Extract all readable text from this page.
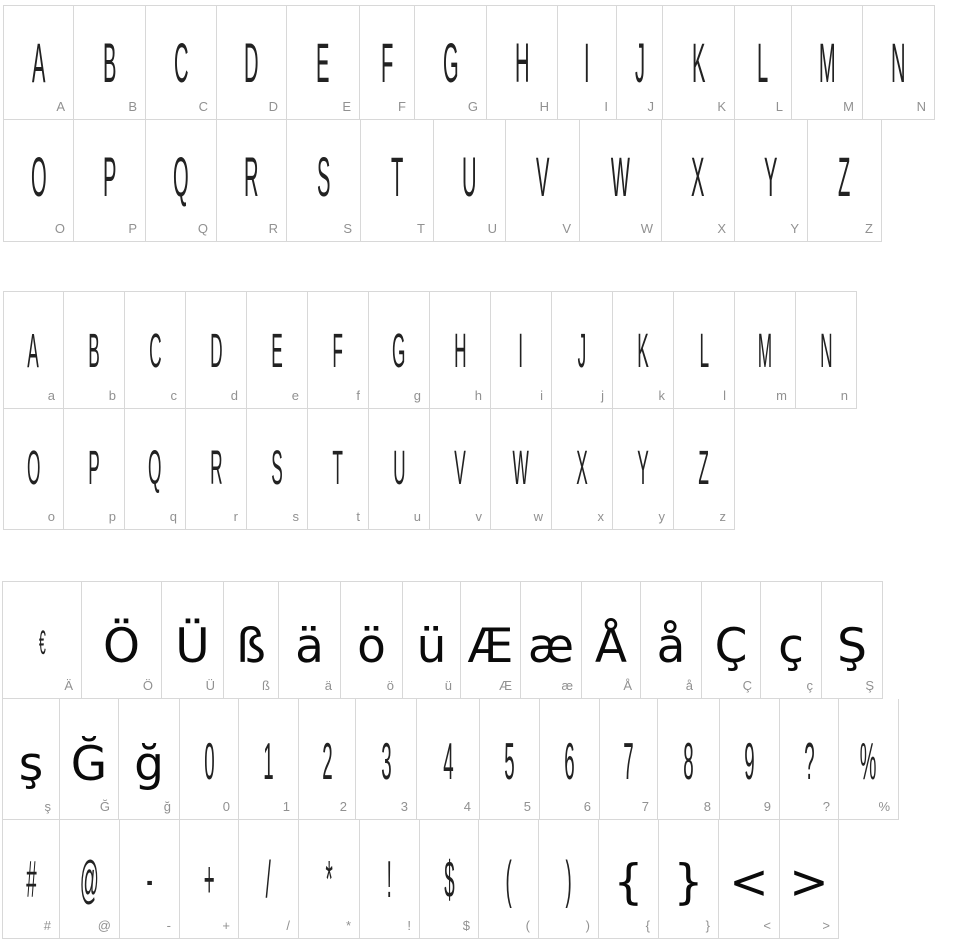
A
A
B
B
C
C
D
D
E
E
F
F
G
G
H
H
I
I
J
J
K
K
L
L
M
M
N
N
O
O
P
P
Q
Q
R
R
S
S
T
T
U
U
V
V
W
W
X
X
Y
Y
Z
Z
A
a
B
b
C
c
D
d
E
e
F
f
G
g
H
h
I
i
J
j
K
k
L
l
M
m
N
n
O
o
P
p
Q
q
R
r
S
s
T
t
U
u
V
v
W
w
X
x
Y
y
Z
z
€
Ä
Ö
Ö
Ü
Ü
ß
ß
ä
ä
ö
ö
ü
ü
Æ
Æ
æ
æ
Å
Å
å
å
Ç
Ç
ç
ç
Ş
Ş
ş
ş
Ğ
Ğ
ğ
ğ
0
0
1
1
2
2
3
3
4
4
5
5
6
6
7
7
8
8
9
9
?
?
%
%
#
#
@
@
-
-
+
+
/
/
*
*
!
!
$
$
(
(
)
)
{
{
}
}
<
<
>
>
